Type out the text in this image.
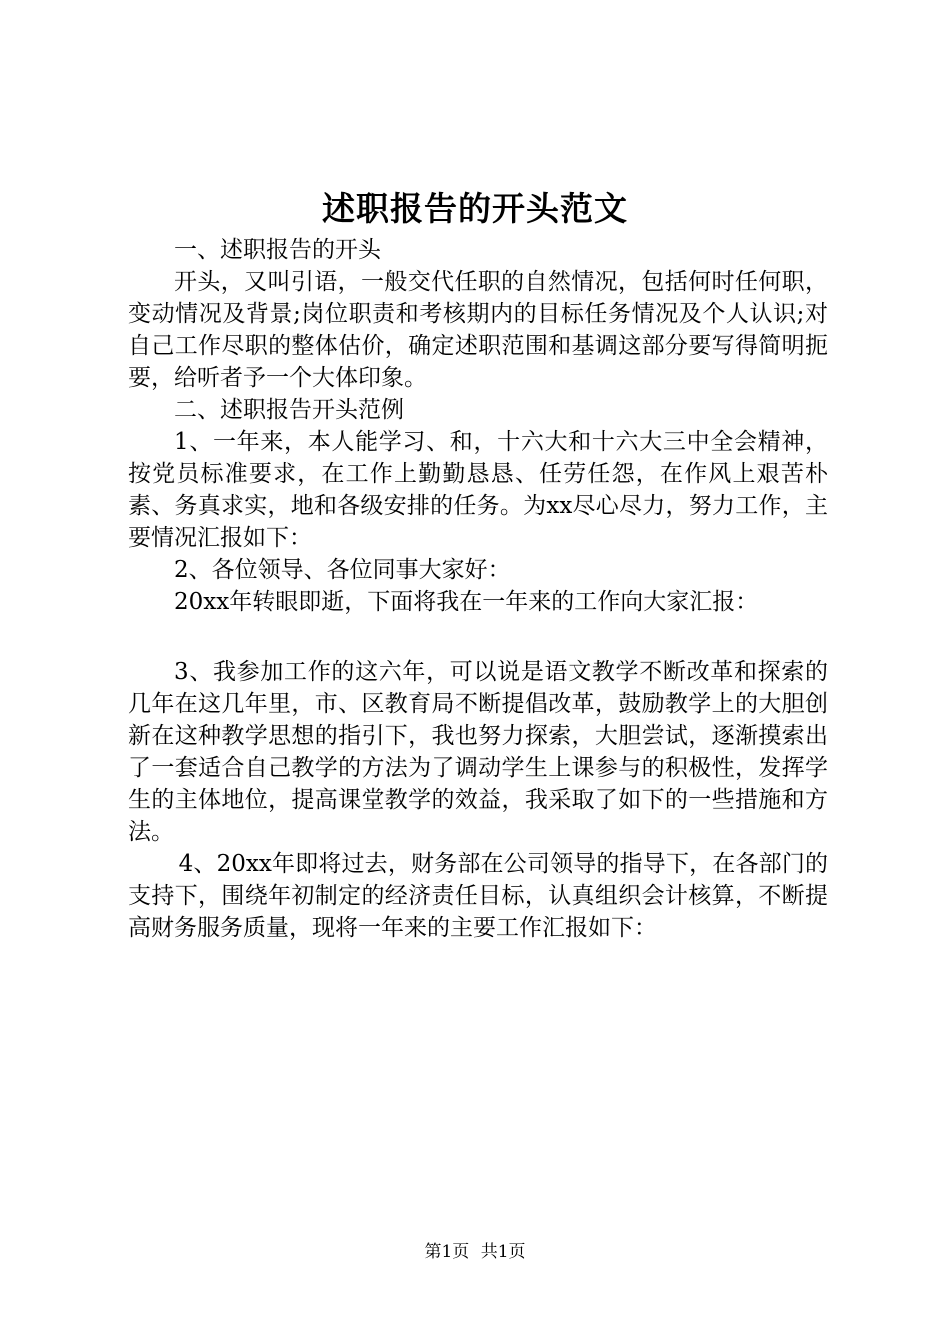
述职报告的开头范文

一、述职报告的开头

开头，又叫引语，一般交代任职的自然情况，包括何时任何职，变动情况及背景;岗位职责和考核期内的目标任务情况及个人认识;对自己工作尽职的整体估价，确定述职范围和基调这部分要写得简明扼要，给听者予一个大体印象。

二、述职报告开头范例

1、一年来，本人能学习、和，十六大和十六大三中全会精神，按党员标准要求，在工作上勤勤恳恳、任劳任怨，在作风上艰苦朴素、务真求实，地和各级安排的任务。为xx尽心尽力，努力工作，主要情况汇报如下：

2、各位领导、各位同事大家好：

20xx年转眼即逝，下面将我在一年来的工作向大家汇报：

3、我参加工作的这六年，可以说是语文教学不断改革和探索的几年在这几年里，市、区教育局不断提倡改革，鼓励教学上的大胆创新在这种教学思想的指引下，我也努力探索，大胆尝试，逐渐摸索出了一套适合自己教学的方法为了调动学生上课参与的积极性，发挥学生的主体地位，提高课堂教学的效益，我采取了如下的一些措施和方法。

4、20xx年即将过去，财务部在公司领导的指导下，在各部门的支持下，围绕年初制定的经济责任目标，认真组织会计核算，不断提高财务服务质量，现将一年来的主要工作汇报如下：

第1页 共1页
